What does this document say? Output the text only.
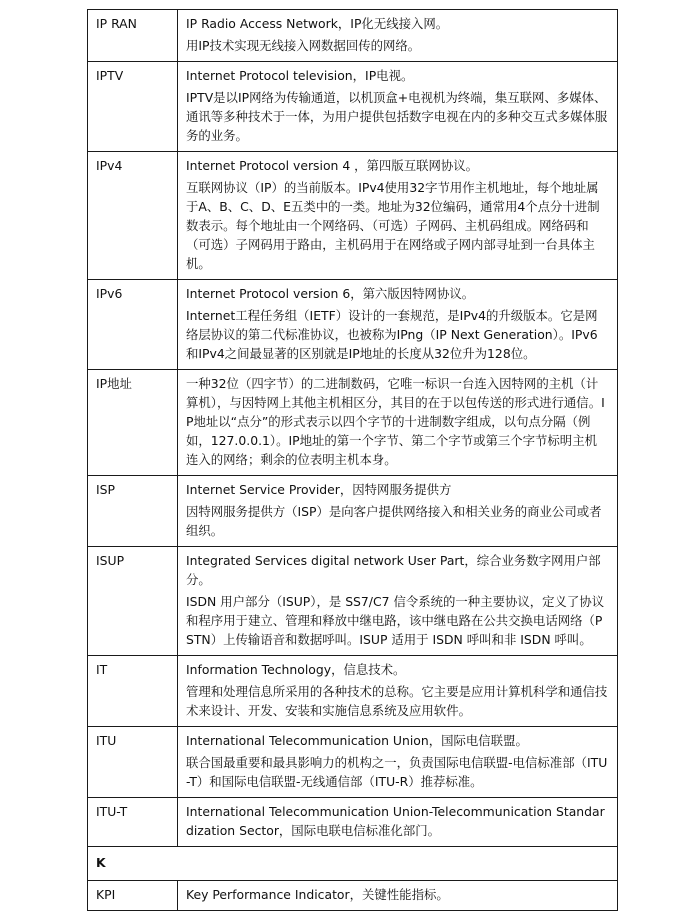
IP RAN	IP Radio Access Network，IP化无线接入网。

用IP技术实现无线接入网数据回传的网络。

IPTV	Internet Protocol television，IP电视。

IPTV是以IP网络为传输通道，以机顶盒+电视机为终端，集互联网、多媒体、通讯等多种技术于一体，为用户提供包括数字电视在内的多种交互式多媒体服务的业务。

IPv4	Internet Protocol version 4 ，第四版互联网协议。

互联网协议（IP）的当前版本。IPv4使用32字节用作主机地址，每个地址属于A、B、C、D、E五类中的一类。地址为32位编码，通常用4个点分十进制数表示。每个地址由一个网络码、（可选）子网码、主机码组成。网络码和（可选）子网码用于路由，主机码用于在网络或子网内部寻址到一台具体主机。

IPv6	Internet Protocol version 6，第六版因特网协议。

Internet工程任务组（IETF）设计的一套规范，是IPv4的升级版本。它是网络层协议的第二代标准协议，也被称为IPng（IP Next Generation）。IPv6和IPv4之间最显著的区别就是IP地址的长度从32位升为128位。

IP地址	一种32位（四字节）的二进制数码，它唯一标识一台连入因特网的主机（计算机），与因特网上其他主机相区分，其目的在于以包传送的形式进行通信。IP地址以“点分”的形式表示以四个字节的十进制数字组成，以句点分隔（例如，127.0.0.1）。IP地址的第一个字节、第二个字节或第三个字节标明主机连入的网络；剩余的位表明主机本身。

ISP	Internet Service Provider，因特网服务提供方

因特网服务提供方（ISP）是向客户提供网络接入和相关业务的商业公司或者组织。

ISUP	Integrated Services digital network User Part，综合业务数字网用户部分。

ISDN 用户部分（ISUP），是 SS7/C7 信令系统的一种主要协议，定义了协议和程序用于建立、管理和释放中继电路，该中继电路在公共交换电话网络（PSTN）上传输语音和数据呼叫。ISUP 适用于 ISDN 呼叫和非 ISDN 呼叫。

IT	Information Technology，信息技术。

管理和处理信息所采用的各种技术的总称。它主要是应用计算机科学和通信技术来设计、开发、安装和实施信息系统及应用软件。

ITU	International Telecommunication Union，国际电信联盟。

联合国最重要和最具影响力的机构之一，负责国际电信联盟-电信标准部（ITU-T）和国际电信联盟-无线通信部（ITU-R）推荐标准。

ITU-T	International Telecommunication Union-Telecommunication Standardization Sector，国际电联电信标准化部门。

K	
KPI	Key Performance Indicator，关键性能指标。
